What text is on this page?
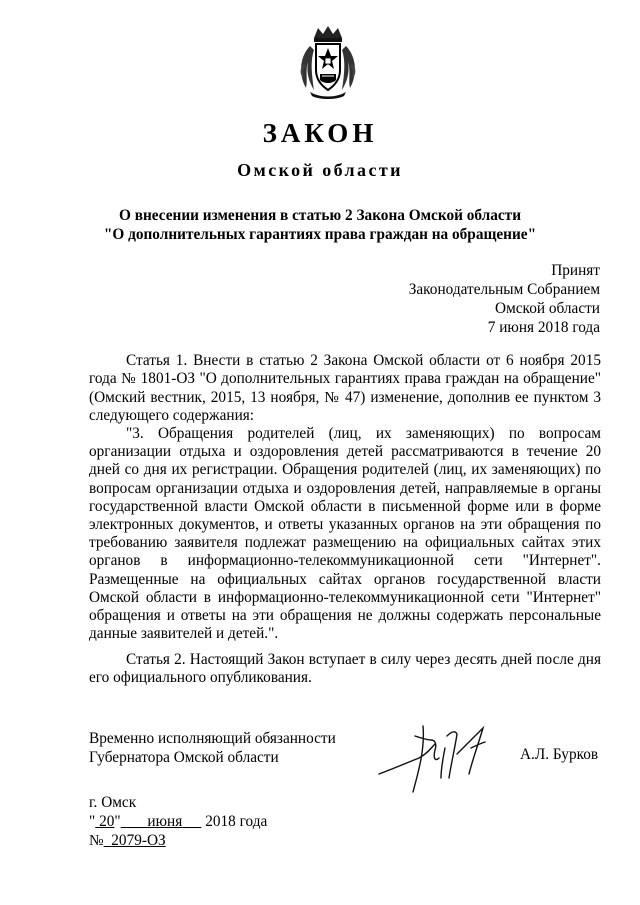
ЗАКОН
Омской области
О внесении изменения в статью 2 Закона Омской области
"О дополнительных гарантиях права граждан на обращение"
Принят
Законодательным Собранием
Омской области
7 июня 2018 года

Статья 1. Внести в статью 2 Закона Омской области от 6 ноября 2015 года № 1801-ОЗ "О дополнительных гарантиях права граждан на обращение" (Омский вестник, 2015, 13 ноября, № 47) изменение, дополнив ее пунктом 3 следующего содержания:

"3. Обращения родителей (лиц, их заменяющих) по вопросам организации отдыха и оздоровления детей рассматриваются в течение 20 дней со дня их регистрации. Обращения родителей (лиц, их заменяющих) по вопросам организации отдыха и оздоровления детей, направляемые в органы государственной власти Омской области в письменной форме или в форме электронных документов, и ответы указанных органов на эти обращения по требованию заявителя подлежат размещению на официальных сайтах этих органов в информационно-телекоммуникационной сети "Интернет". Размещенные на официальных сайтах органов государственной власти Омской области в информационно-телекоммуникационной сети "Интернет" обращения и ответы на эти обращения не должны содержать персональные данные заявителей и детей.".

Статья 2. Настоящий Закон вступает в силу через десять дней после дня его официального опубликования.

Временно исполняющий обязанности
Губернатора Омской области	А.Л. Бурков
г. Омск
" 20" июня 2018 года
№ 2079-ОЗ
